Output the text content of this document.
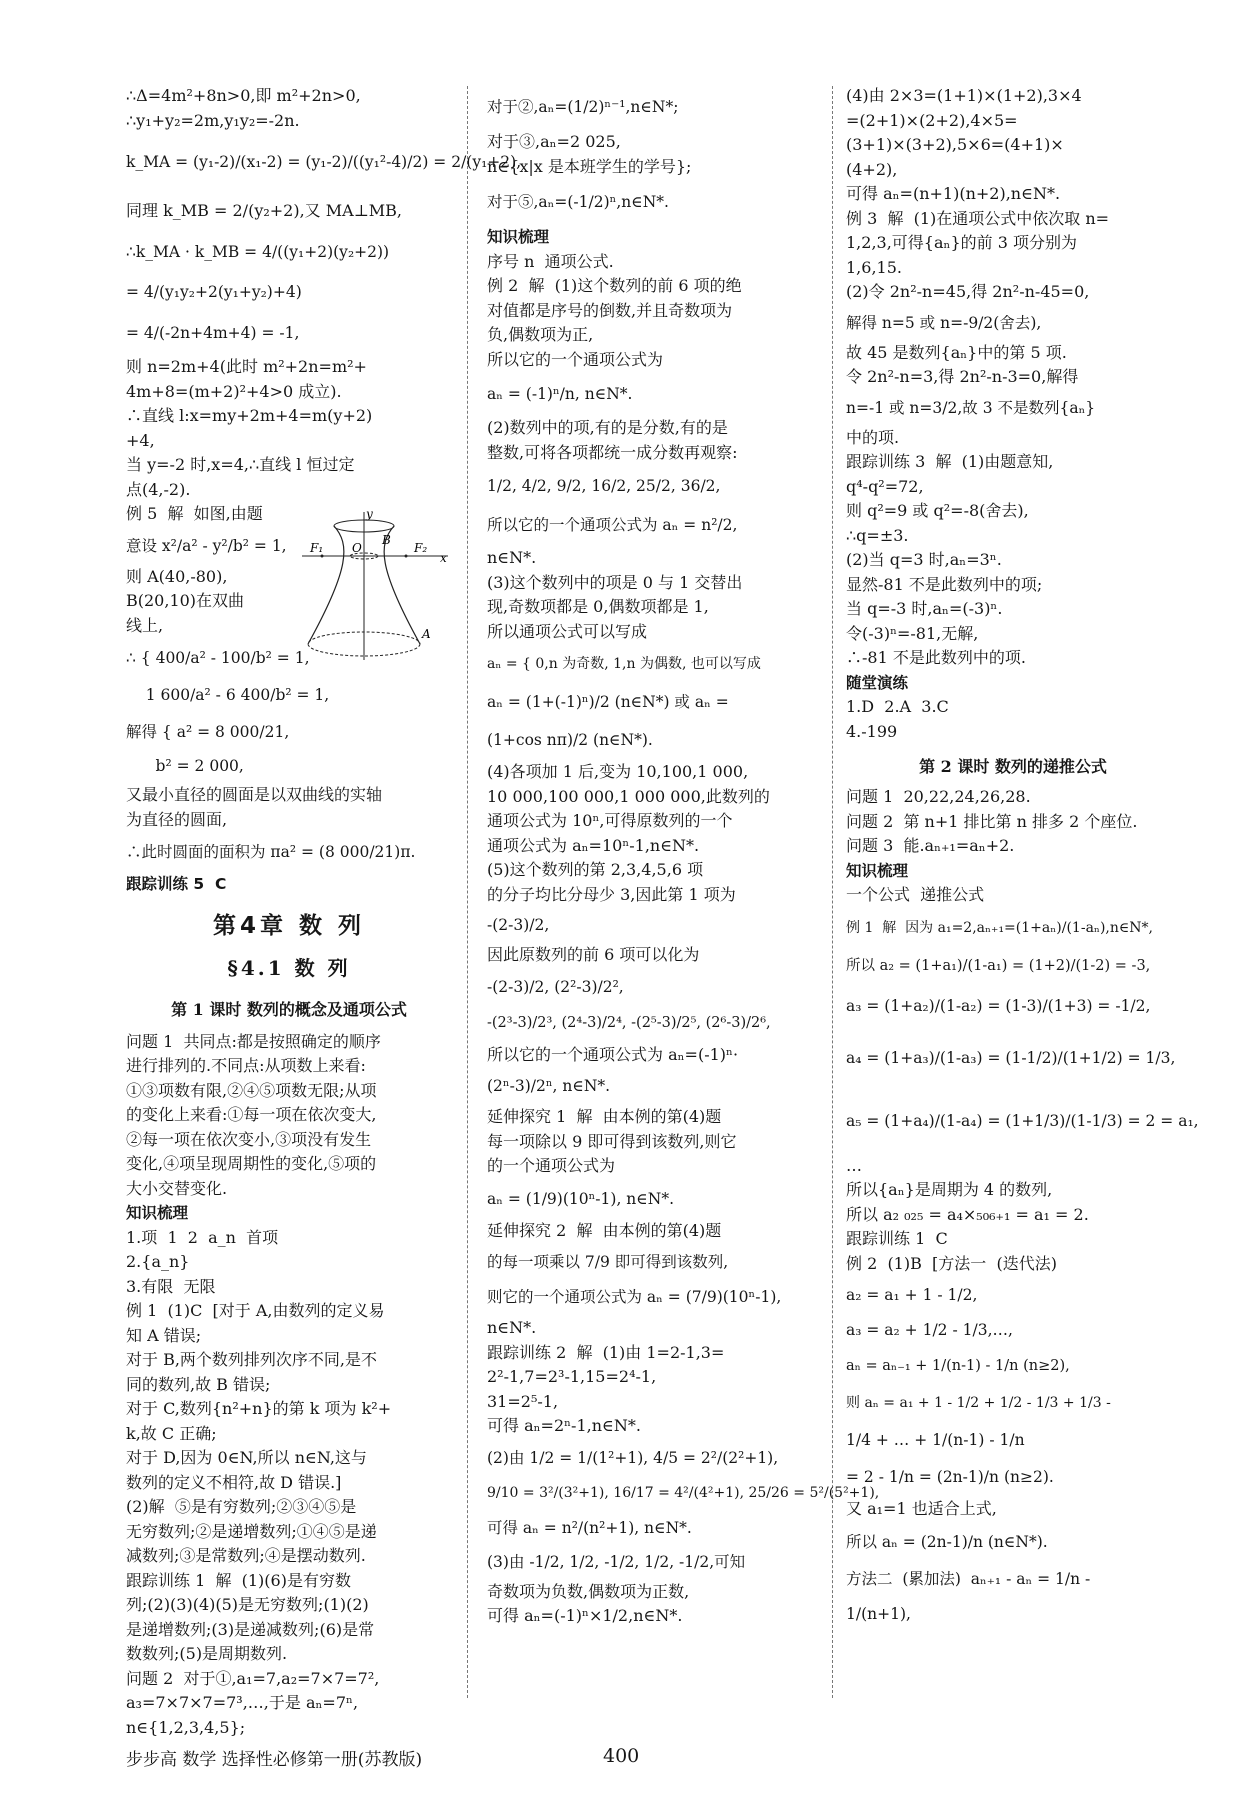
∴Δ=4m²+8n>0,即 m²+2n>0,
∴y₁+y₂=2m,y₁y₂=-2n.
k_MA = (y₁-2)/(x₁-2) = (y₁-2)/((y₁²-4)/2) = 2/(y₁+2),
同理 k_MB = 2/(y₂+2),又 MA⊥MB,
∴k_MA · k_MB = 4/((y₁+2)(y₂+2))
= 4/(y₁y₂+2(y₁+y₂)+4)
= 4/(-2n+4m+4) = -1,
则 n=2m+4(此时 m²+2n=m²+
4m+8=(m+2)²+4>0 成立).
∴直线 l:x=my+2m+4=m(y+2)
+4,
当 y=-2 时,x=4,∴直线 l 恒过定
点(4,-2).
y
B
F₁ O	F₂
x
A
例 5  解  如图,由题
意设 x²/a² - y²/b² = 1,
则 A(40,-80),
B(20,10)在双曲
线上,
∴ { 400/a² - 100/b² = 1,
1 600/a² - 6 400/b² = 1,
解得 { a² = 8 000/21,
b² = 2 000,
又最小直径的圆面是以双曲线的实轴
为直径的圆面,
∴此时圆面的面积为 πa² = (8 000/21)π.
跟踪训练 5  C
第4章 数 列
§4.1 数 列
第 1 课时 数列的概念及通项公式
问题 1  共同点:都是按照确定的顺序
进行排列的.不同点:从项数上来看:
①③项数有限,②④⑤项数无限;从项
的变化上来看:①每一项在依次变大,
②每一项在依次变小,③项没有发生
变化,④项呈现周期性的变化,⑤项的
大小交替变化.
知识梳理
1.项  1  2  a_n  首项
2.{a_n}
3.有限  无限
例 1  (1)C  [对于 A,由数列的定义易
知 A 错误;
对于 B,两个数列排列次序不同,是不
同的数列,故 B 错误;
对于 C,数列{n²+n}的第 k 项为 k²+
k,故 C 正确;
对于 D,因为 0∈N,所以 n∈N,这与
数列的定义不相符,故 D 错误.]
(2)解  ⑤是有穷数列;②③④⑤是
无穷数列;②是递增数列;①④⑤是递
减数列;③是常数列;④是摆动数列.
跟踪训练 1  解  (1)(6)是有穷数
列;(2)(3)(4)(5)是无穷数列;(1)(2)
是递增数列;(3)是递减数列;(6)是常
数数列;(5)是周期数列.
问题 2  对于①,a₁=7,a₂=7×7=7²,
a₃=7×7×7=7³,…,于是 aₙ=7ⁿ,
n∈{1,2,3,4,5};
对于②,aₙ=(1/2)ⁿ⁻¹,n∈N*;
对于③,aₙ=2 025,
n∈{x|x 是本班学生的学号};
对于⑤,aₙ=(-1/2)ⁿ,n∈N*.
知识梳理
序号 n  通项公式.
例 2  解  (1)这个数列的前 6 项的绝
对值都是序号的倒数,并且奇数项为
负,偶数项为正,
所以它的一个通项公式为
aₙ = (-1)ⁿ/n, n∈N*.
(2)数列中的项,有的是分数,有的是
整数,可将各项都统一成分数再观察:
1/2, 4/2, 9/2, 16/2, 25/2, 36/2,
所以它的一个通项公式为 aₙ = n²/2,
n∈N*.
(3)这个数列中的项是 0 与 1 交替出
现,奇数项都是 0,偶数项都是 1,
所以通项公式可以写成
aₙ = { 0,n 为奇数, 1,n 为偶数, 也可以写成
aₙ = (1+(-1)ⁿ)/2 (n∈N*) 或 aₙ =
(1+cos nπ)/2 (n∈N*).
(4)各项加 1 后,变为 10,100,1 000,
10 000,100 000,1 000 000,此数列的
通项公式为 10ⁿ,可得原数列的一个
通项公式为 aₙ=10ⁿ-1,n∈N*.
(5)这个数列的第 2,3,4,5,6 项
的分子均比分母少 3,因此第 1 项为
-(2-3)/2,
因此原数列的前 6 项可以化为
-(2-3)/2, (2²-3)/2²,
-(2³-3)/2³, (2⁴-3)/2⁴, -(2⁵-3)/2⁵, (2⁶-3)/2⁶,
所以它的一个通项公式为 aₙ=(-1)ⁿ·
(2ⁿ-3)/2ⁿ, n∈N*.
延伸探究 1  解  由本例的第(4)题
每一项除以 9 即可得到该数列,则它
的一个通项公式为
aₙ = (1/9)(10ⁿ-1), n∈N*.
延伸探究 2  解  由本例的第(4)题
的每一项乘以 7/9 即可得到该数列,
则它的一个通项公式为 aₙ = (7/9)(10ⁿ-1),
n∈N*.
跟踪训练 2  解  (1)由 1=2-1,3=
2²-1,7=2³-1,15=2⁴-1,
31=2⁵-1,
可得 aₙ=2ⁿ-1,n∈N*.
(2)由 1/2 = 1/(1²+1), 4/5 = 2²/(2²+1),
9/10 = 3²/(3²+1), 16/17 = 4²/(4²+1), 25/26 = 5²/(5²+1),
可得 aₙ = n²/(n²+1), n∈N*.
(3)由 -1/2, 1/2, -1/2, 1/2, -1/2,可知
奇数项为负数,偶数项为正数,
可得 aₙ=(-1)ⁿ×1/2,n∈N*.
(4)由 2×3=(1+1)×(1+2),3×4
=(2+1)×(2+2),4×5=
(3+1)×(3+2),5×6=(4+1)×
(4+2),
可得 aₙ=(n+1)(n+2),n∈N*.
例 3  解  (1)在通项公式中依次取 n=
1,2,3,可得{aₙ}的前 3 项分别为
1,6,15.
(2)令 2n²-n=45,得 2n²-n-45=0,
解得 n=5 或 n=-9/2(舍去),
故 45 是数列{aₙ}中的第 5 项.
令 2n²-n=3,得 2n²-n-3=0,解得
n=-1 或 n=3/2,故 3 不是数列{aₙ}
中的项.
跟踪训练 3  解  (1)由题意知,
q⁴-q²=72,
则 q²=9 或 q²=-8(舍去),
∴q=±3.
(2)当 q=3 时,aₙ=3ⁿ.
显然-81 不是此数列中的项;
当 q=-3 时,aₙ=(-3)ⁿ.
令(-3)ⁿ=-81,无解,
∴-81 不是此数列中的项.
随堂演练
1.D  2.A  3.C
4.-199
第 2 课时 数列的递推公式
问题 1  20,22,24,26,28.
问题 2  第 n+1 排比第 n 排多 2 个座位.
问题 3  能.aₙ₊₁=aₙ+2.
知识梳理
一个公式  递推公式
例 1  解  因为 a₁=2,aₙ₊₁=(1+aₙ)/(1-aₙ),n∈N*,
所以 a₂ = (1+a₁)/(1-a₁) = (1+2)/(1-2) = -3,
a₃ = (1+a₂)/(1-a₂) = (1-3)/(1+3) = -1/2,
a₄ = (1+a₃)/(1-a₃) = (1-1/2)/(1+1/2) = 1/3,
a₅ = (1+a₄)/(1-a₄) = (1+1/3)/(1-1/3) = 2 = a₁,
…
所以{aₙ}是周期为 4 的数列,
所以 a₂ ₀₂₅ = a₄×₅₀₆₊₁ = a₁ = 2.
跟踪训练 1  C
例 2  (1)B  [方法一  (迭代法)
a₂ = a₁ + 1 - 1/2,
a₃ = a₂ + 1/2 - 1/3,…,
aₙ = aₙ₋₁ + 1/(n-1) - 1/n (n≥2),
则 aₙ = a₁ + 1 - 1/2 + 1/2 - 1/3 + 1/3 -
1/4 + … + 1/(n-1) - 1/n
= 2 - 1/n = (2n-1)/n (n≥2).
又 a₁=1 也适合上式,
所以 aₙ = (2n-1)/n (n∈N*).
方法二  (累加法)  aₙ₊₁ - aₙ = 1/n -
1/(n+1),
步步高 数学 选择性必修第一册(苏教版)	400
